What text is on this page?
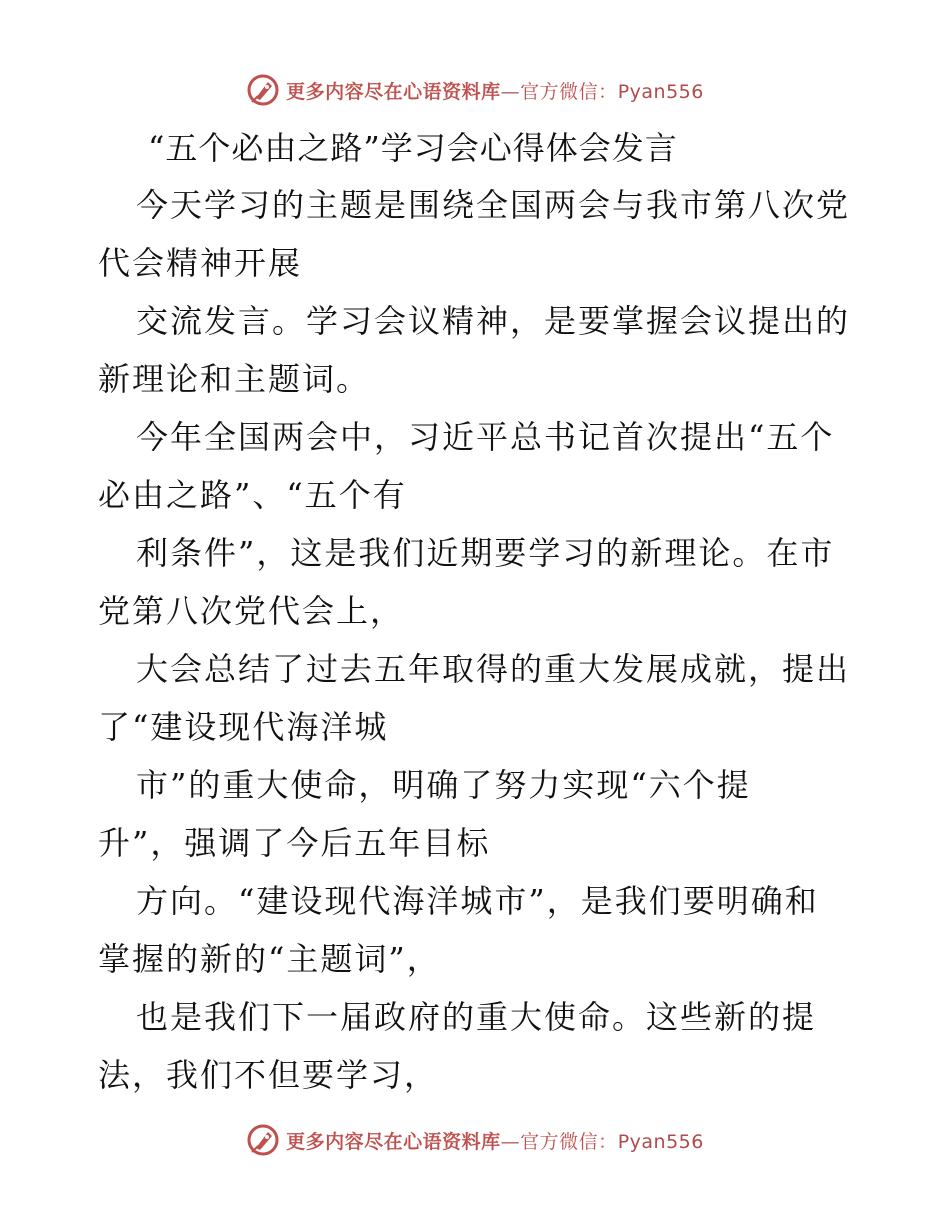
更多内容尽在心语资料库—官方微信：Pyan556
“五个必由之路”学习会心得体会发言

今天学习的主题是围绕全国两会与我市第八次党
代会精神开展

交流发言。学习会议精神，是要掌握会议提出的
新理论和主题词。

今年全国两会中，习近平总书记首次提出“五个
必由之路”、“五个有

利条件”，这是我们近期要学习的新理论。在市
党第八次党代会上，

大会总结了过去五年取得的重大发展成就，提出
了“建设现代海洋城

市”的重大使命，明确了努力实现“六个提
升”，强调了今后五年目标

方向。“建设现代海洋城市”，是我们要明确和
掌握的新的“主题词”，

也是我们下一届政府的重大使命。这些新的提
法，我们不但要学习，

更多内容尽在心语资料库—官方微信：Pyan556
